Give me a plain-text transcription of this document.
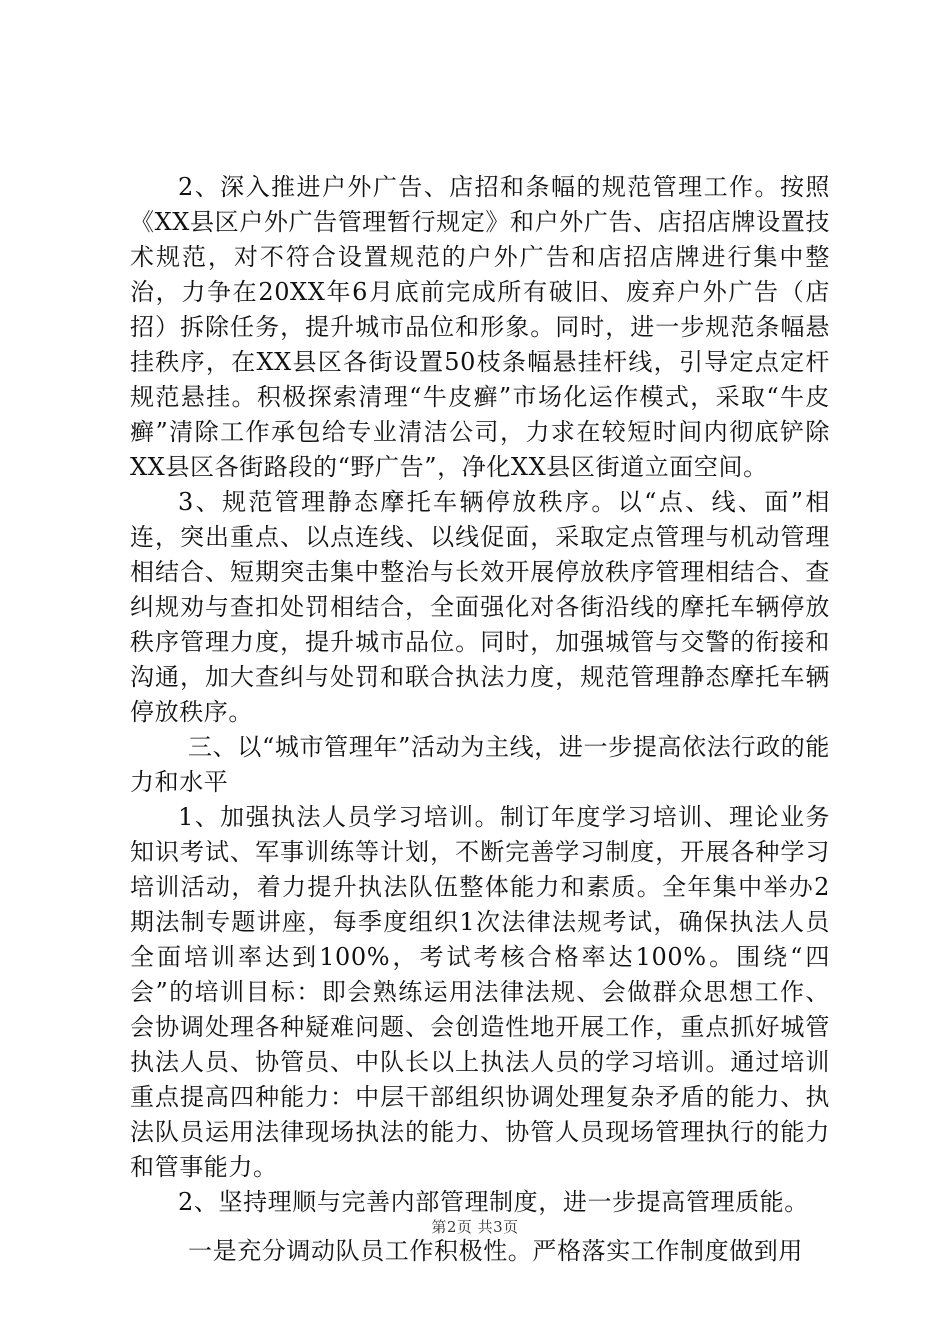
2、深入推进户外广告、店招和条幅的规范管理工作。按照《XX县区户外广告管理暂行规定》和户外广告、店招店牌设置技术规范，对不符合设置规范的户外广告和店招店牌进行集中整治，力争在20XX年6月底前完成所有破旧、废弃户外广告（店招）拆除任务，提升城市品位和形象。同时，进一步规范条幅悬挂秩序，在XX县区各街设置50枝条幅悬挂杆线，引导定点定杆规范悬挂。积极探索清理“牛皮癣”市场化运作模式，采取“牛皮癣”清除工作承包给专业清洁公司，力求在较短时间内彻底铲除XX县区各街路段的“野广告”，净化XX县区街道立面空间。

3、规范管理静态摩托车辆停放秩序。以“点、线、面”相连，突出重点、以点连线、以线促面，采取定点管理与机动管理相结合、短期突击集中整治与长效开展停放秩序管理相结合、查纠规劝与查扣处罚相结合，全面强化对各街沿线的摩托车辆停放秩序管理力度，提升城市品位。同时，加强城管与交警的衔接和沟通，加大查纠与处罚和联合执法力度，规范管理静态摩托车辆停放秩序。

三、以“城市管理年”活动为主线，进一步提高依法行政的能力和水平

1、加强执法人员学习培训。制订年度学习培训、理论业务知识考试、军事训练等计划，不断完善学习制度，开展各种学习培训活动，着力提升执法队伍整体能力和素质。全年集中举办2期法制专题讲座，每季度组织1次法律法规考试，确保执法人员全面培训率达到100%，考试考核合格率达100%。围绕“四会”的培训目标：即会熟练运用法律法规、会做群众思想工作、会协调处理各种疑难问题、会创造性地开展工作，重点抓好城管执法人员、协管员、中队长以上执法人员的学习培训。通过培训重点提高四种能力：中层干部组织协调处理复杂矛盾的能力、执法队员运用法律现场执法的能力、协管人员现场管理执行的能力和管事能力。

2、坚持理顺与完善内部管理制度，进一步提高管理质能。

一是充分调动队员工作积极性。严格落实工作制度做到用

第2页 共3页
